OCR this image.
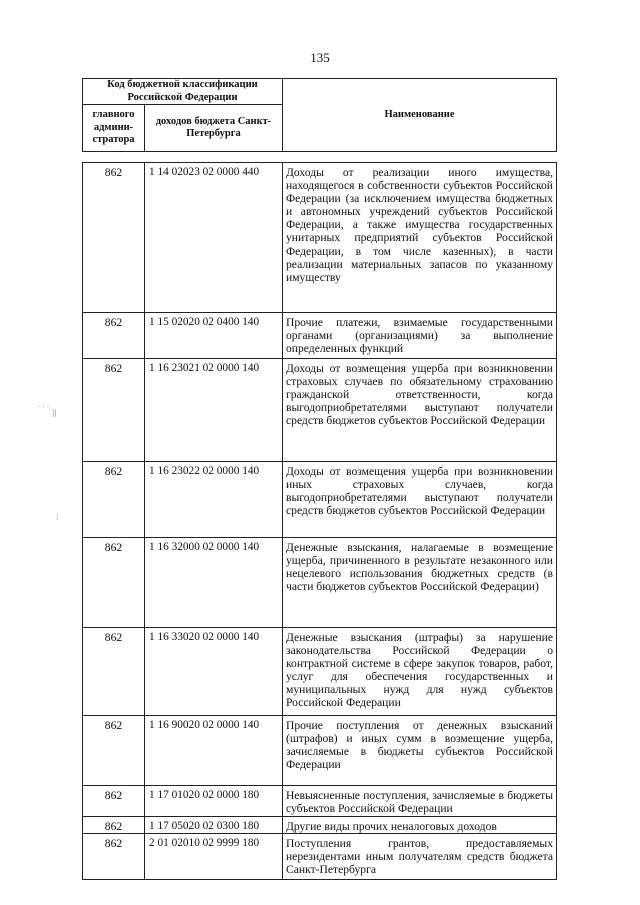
135
Код бюджетной классификации Российской Федерации		Наименование
главного админи-стратора	доходов бюджета Санкт-Петербурга	
862	1 14 02023 02 0000 440	Доходы от реализации иного имущества, находящегося в собственности субъектов Российской Федерации (за исключением имущества бюджетных и автономных учреждений субъектов Российской Федерации, а также имущества государственных унитарных предприятий субъектов Российской Федерации, в том числе казенных), в части реализации материальных запасов по указанному имуществу
862	1 15 02020 02 0400 140	Прочие платежи, взимаемые государственными органами (организациями) за выполнение определенных функций
862	1 16 23021 02 0000 140	Доходы от возмещения ущерба при возникновении страховых случаев по обязательному страхованию гражданской ответственности, когда выгодоприобретателями выступают получатели средств бюджетов субъектов Российской Федерации
862	1 16 23022 02 0000 140	Доходы от возмещения ущерба при возникновении иных страховых случаев, когда выгодоприобретателями выступают получатели средств бюджетов субъектов Российской Федерации
862	1 16 32000 02 0000 140	Денежные взыскания, налагаемые в возмещение ущерба, причиненного в результате незаконного или нецелевого использования бюджетных средств (в части бюджетов субъектов Российской Федерации)
862	1 16 33020 02 0000 140	Денежные взыскания (штрафы) за нарушение законодательства Российской Федерации о контрактной системе в сфере закупок товаров, работ, услуг для обеспечения государственных и муниципальных нужд для нужд субъектов Российской Федерации
862	1 16 90020 02 0000 140	Прочие поступления от денежных взысканий (штрафов) и иных сумм в возмещение ущерба, зачисляемые в бюджеты субъектов Российской Федерации
862	1 17 01020 02 0000 180	Невыясненные поступления, зачисляемые в бюджеты субъектов Российской Федерации
862	1 17 05020 02 0300 180	Другие виды прочих неналоговых доходов
862	2 01 02010 02 9999 180	Поступления грантов, предоставляемых нерезидентами иным получателям средств бюджета Санкт-Петербурга
· · ·
||
¦
